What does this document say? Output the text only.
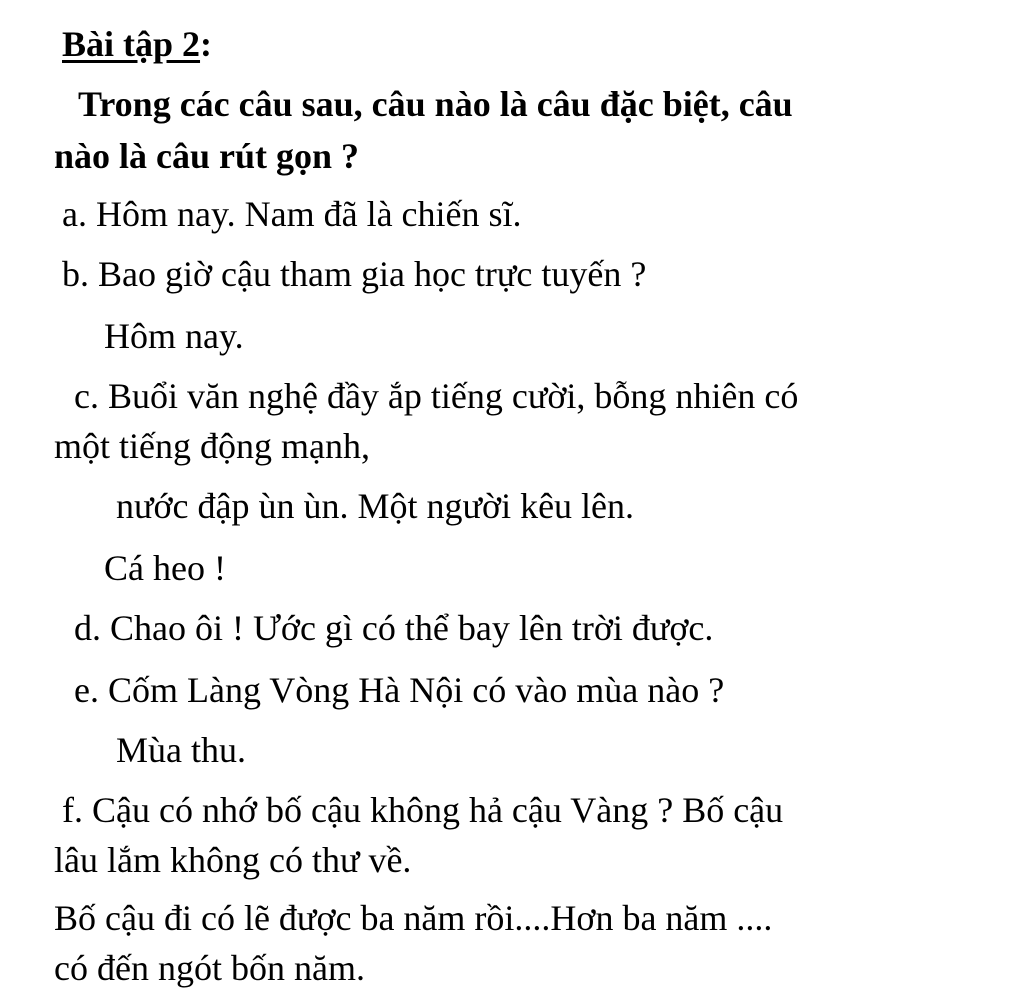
Bài tập 2:
Trong các câu sau, câu nào là câu đặc biệt, câu
nào là câu rút gọn ?
a. Hôm nay. Nam đã là chiến sĩ.
b. Bao giờ cậu tham gia học trực tuyến ?
Hôm nay.
c. Buổi văn nghệ đầy ắp tiếng cười, bỗng nhiên có
một tiếng động mạnh,
nước đập ùn ùn. Một người kêu lên.
Cá heo !
d. Chao ôi ! Ước gì có thể bay lên trời được.
e. Cốm Làng Vòng Hà Nội có vào mùa nào ?
Mùa thu.
f. Cậu có nhớ bố cậu không hả cậu Vàng ? Bố cậu
lâu lắm không có thư về.
Bố cậu đi có lẽ được ba năm rồi....Hơn ba năm ....
có đến ngót bốn năm.
